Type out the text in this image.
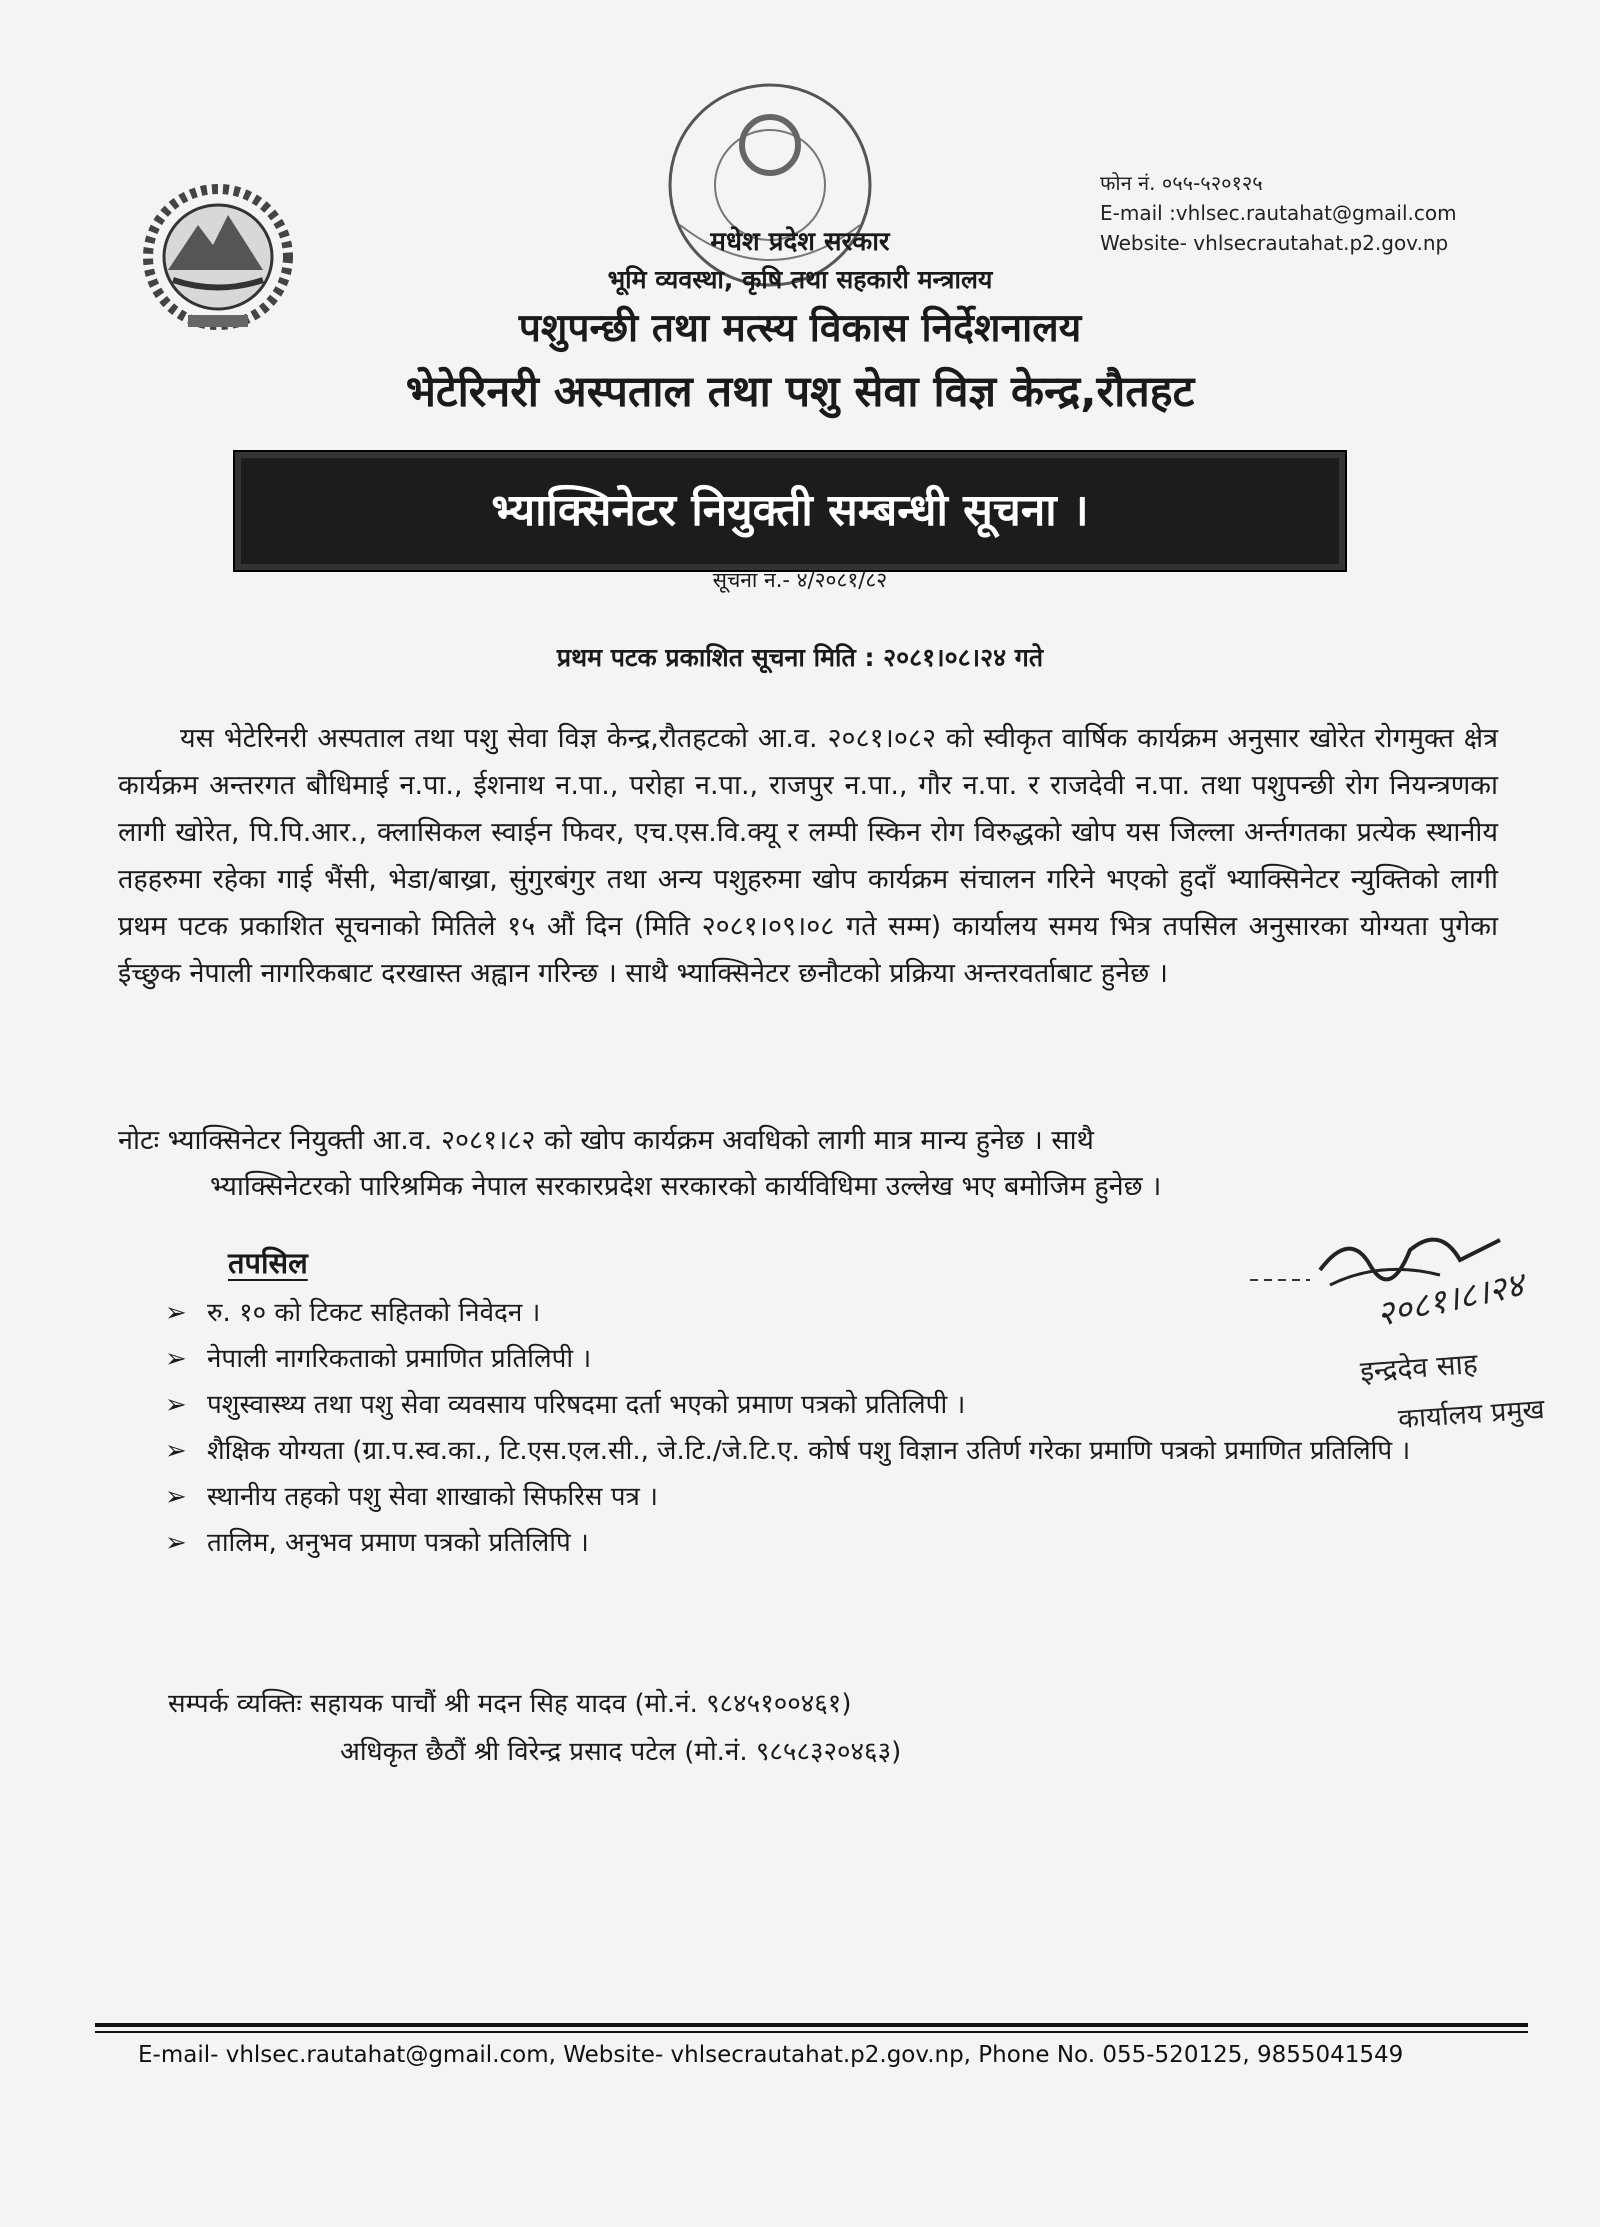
मधेश प्रदेश सरकार
भूमि व्यवस्था, कृषि तथा सहकारी मन्त्रालय
पशुपन्छी तथा मत्स्य विकास निर्देशनालय
भेटेरिनरी अस्पताल तथा पशु सेवा विज्ञ केन्द्र,रौतहट
फोन नं. ०५५-५२०१२५
E-mail :vhlsec.rautahat@gmail.com
Website- vhlsecrautahat.p2.gov.np
भ्याक्सिनेटर नियुक्ती सम्बन्धी सूचना ।
सूचना नं.- ४/२०८१/८२
प्रथम पटक प्रकाशित सूचना मिति : २०८१।०८।२४ गते

यस भेटेरिनरी अस्पताल तथा पशु सेवा विज्ञ केन्द्र,रौतहटको आ.व. २०८१।०८२ को स्वीकृत वार्षिक कार्यक्रम अनुसार खोरेत रोगमुक्त क्षेत्र कार्यक्रम अन्तरगत बौधिमाई न.पा., ईशनाथ न.पा., परोहा न.पा., राजपुर न.पा., गौर न.पा. र राजदेवी न.पा. तथा पशुपन्छी रोग नियन्त्रणका लागी खोरेत, पि.पि.आर., क्लासिकल स्वाईन फिवर, एच.एस.वि.क्यू र लम्पी स्किन रोग विरुद्धको खोप यस जिल्ला अर्न्तगतका प्रत्येक स्थानीय तहहरुमा रहेका गाई भैंसी, भेडा/बाख्रा, सुंगुरबंगुर तथा अन्य पशुहरुमा खोप कार्यक्रम संचालन गरिने भएको हुदाँ भ्याक्सिनेटर न्युक्तिको लागी प्रथम पटक प्रकाशित सूचनाको मितिले १५ औं दिन (मिति २०८१।०९।०८ गते सम्म) कार्यालय समय भित्र तपसिल अनुसारका योग्यता पुगेका ईच्छुक नेपाली नागरिकबाट दरखास्त अह्वान गरिन्छ । साथै भ्याक्सिनेटर छनौटको प्रक्रिया अन्तरवर्ताबाट हुनेछ ।

नोटः भ्याक्सिनेटर नियुक्ती आ.व. २०८१।८२ को खोप कार्यक्रम अवधिको लागी मात्र मान्य हुनेछ । साथै
भ्याक्सिनेटरको पारिश्रमिक नेपाल सरकारप्रदेश सरकारको कार्यविधिमा उल्लेख भए बमोजिम हुनेछ ।
तपसिल
➢ रु. १० को टिकट सहितको निवेदन ।
➢ नेपाली नागरिकताको प्रमाणित प्रतिलिपी ।
➢ पशुस्वास्थ्य तथा पशु सेवा व्यवसाय परिषदमा दर्ता भएको प्रमाण पत्रको प्रतिलिपी ।
➢ शैक्षिक योग्यता (ग्रा.प.स्व.का., टि.एस.एल.सी., जे.टि./जे.टि.ए. कोर्ष पशु विज्ञान उतिर्ण गरेका प्रमाणि पत्रको प्रमाणित प्रतिलिपि ।
➢ स्थानीय तहको पशु सेवा शाखाको सिफरिस पत्र ।
➢ तालिम, अनुभव प्रमाण पत्रको प्रतिलिपि ।
२०८१।८।२४
इन्द्रदेव साह
कार्यालय प्रमुख
सम्पर्क व्यक्तिः सहायक पाचौं श्री मदन सिह यादव (मो.नं. ९८४५१००४६१)
अधिकृत छैठौं श्री विरेन्द्र प्रसाद पटेल (मो.नं. ९८५८३२०४६३)
E-mail- vhlsec.rautahat@gmail.com, Website- vhlsecrautahat.p2.gov.np, Phone No. 055-520125, 9855041549
